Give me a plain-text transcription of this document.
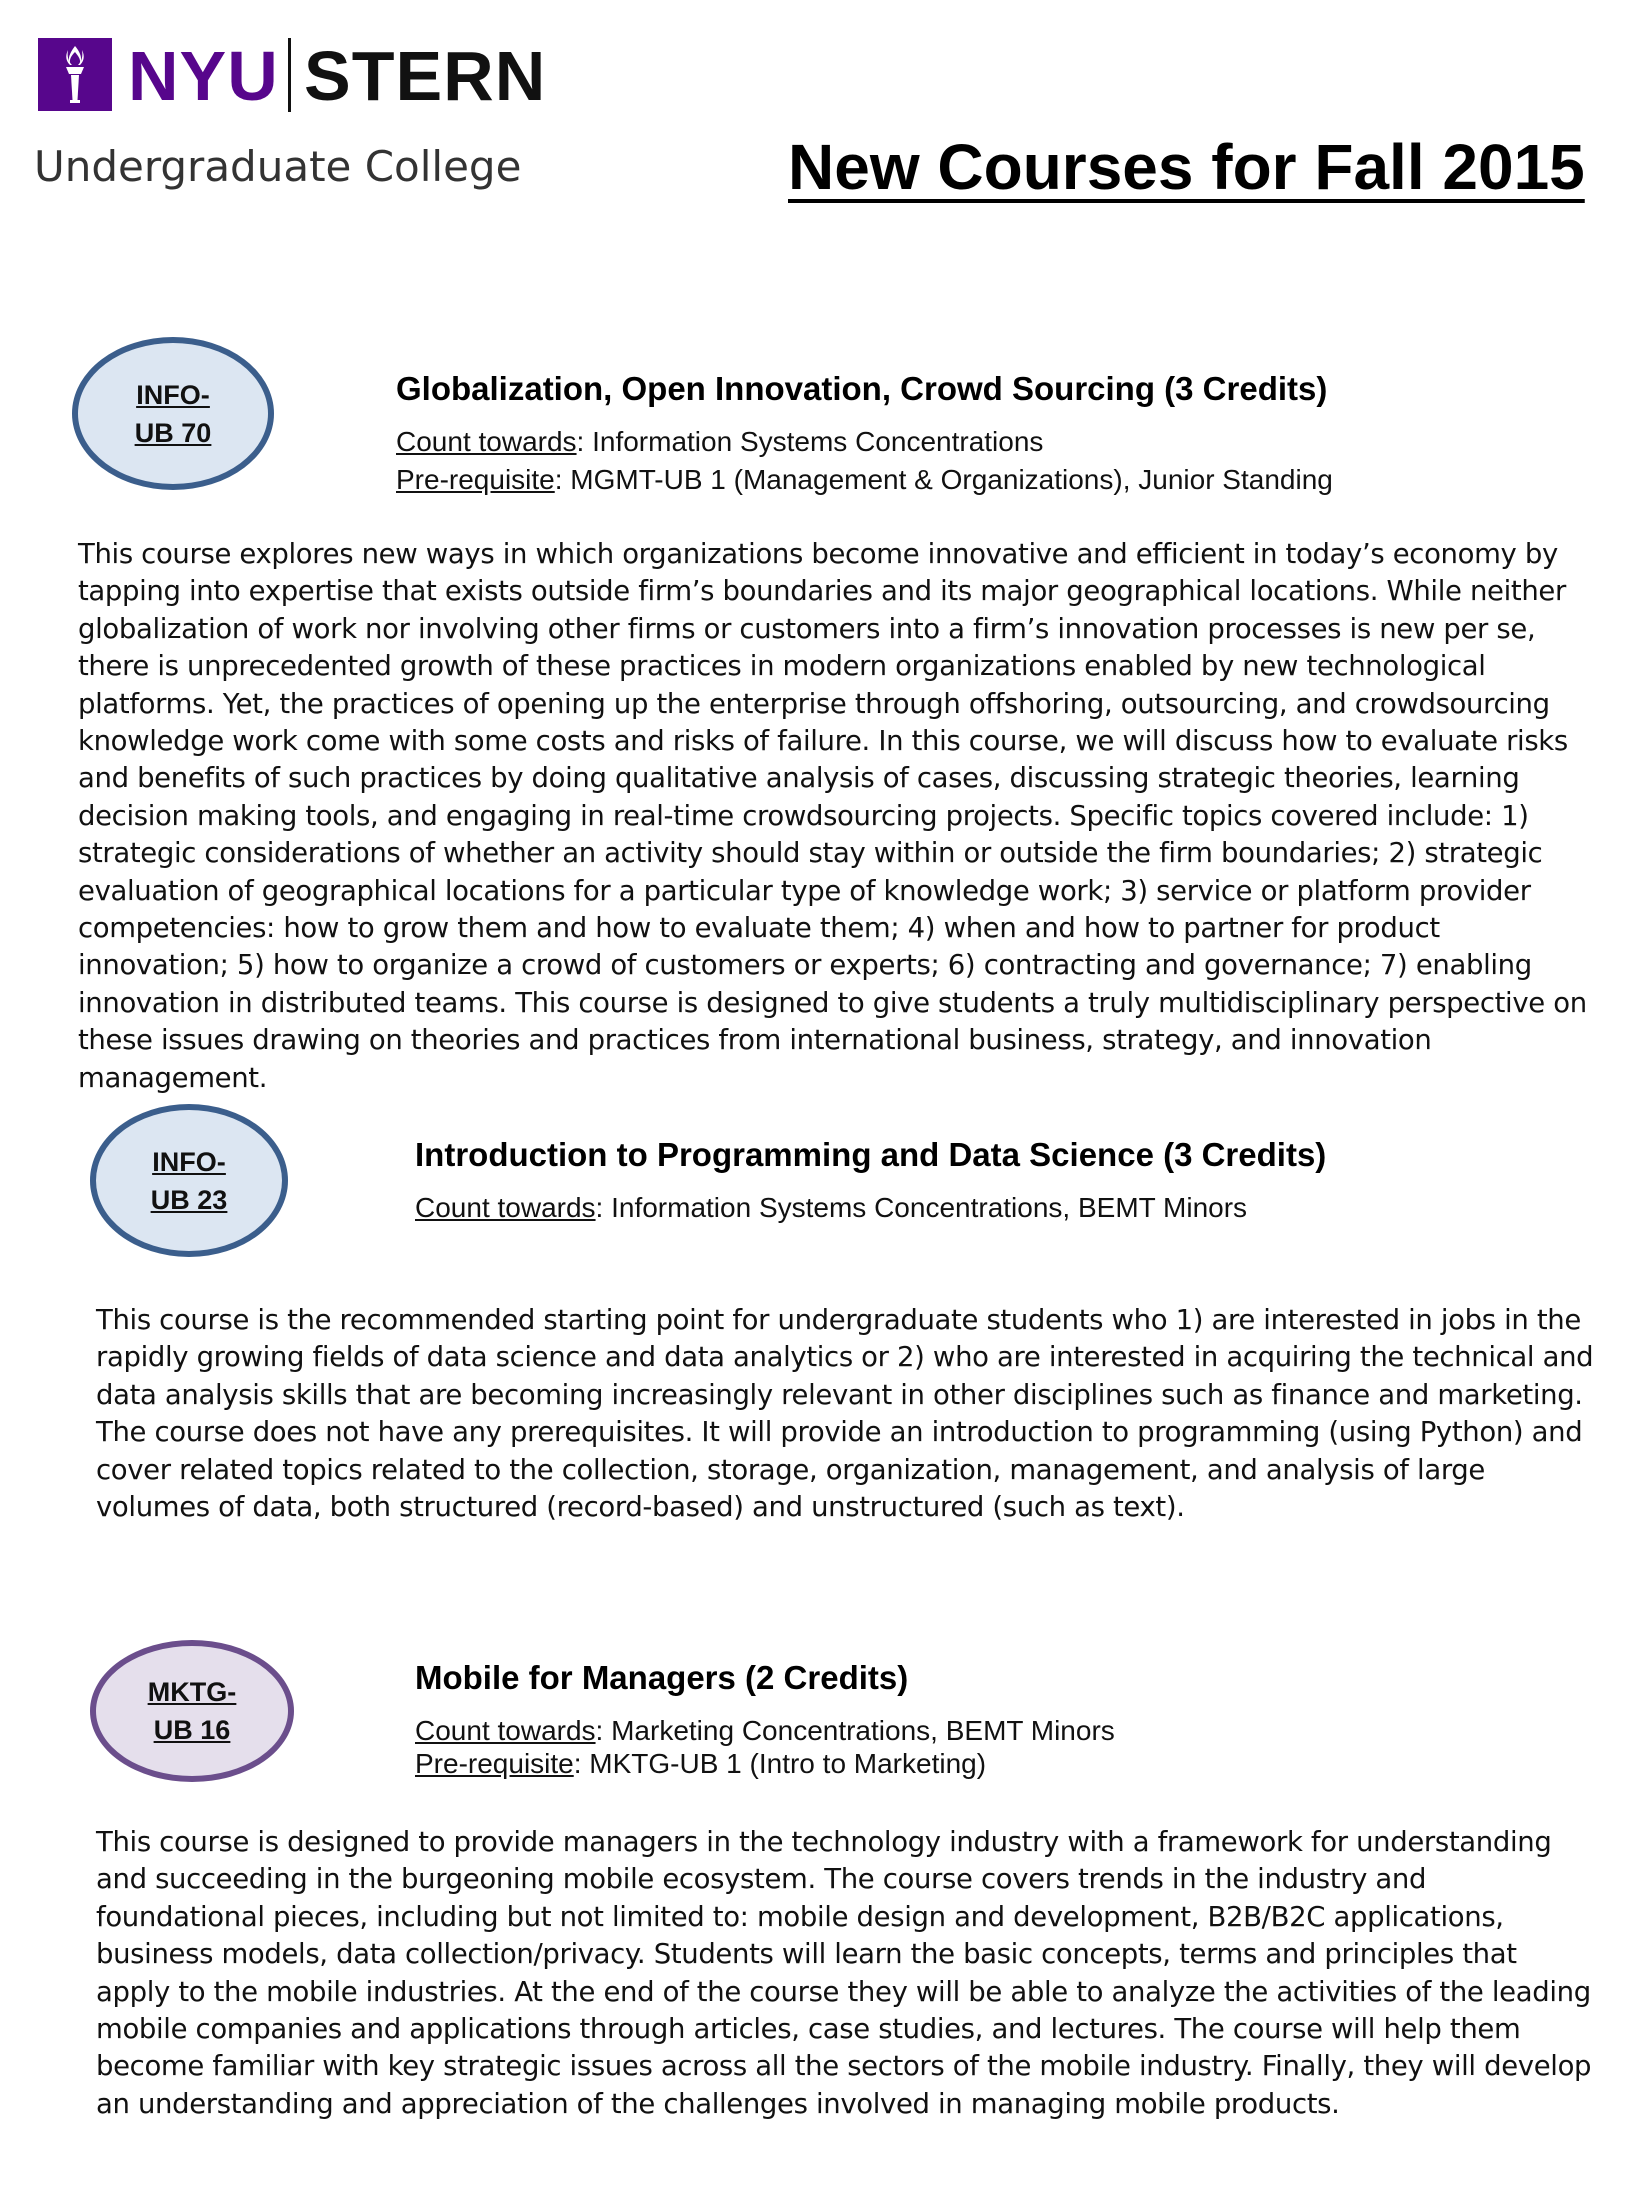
NYU STERN
Undergraduate College	New Courses for Fall 2015
INFO-
UB 70
Globalization, Open Innovation, Crowd Sourcing (3 Credits)
Count towards: Information Systems Concentrations
Pre-requisite: MGMT-UB 1 (Management & Organizations), Junior Standing
This course explores new ways in which organizations become innovative and efficient in today’s economy by tapping into expertise that exists outside firm’s boundaries and its major geographical locations. While neither globalization of work nor involving other firms or customers into a firm’s innovation processes is new per se, there is unprecedented growth of these practices in modern organizations enabled by new technological platforms. Yet, the practices of opening up the enterprise through offshoring, outsourcing, and crowdsourcing knowledge work come with some costs and risks of failure. In this course, we will discuss how to evaluate risks and benefits of such practices by doing qualitative analysis of cases, discussing strategic theories, learning decision making tools, and engaging in real-time crowdsourcing projects. Specific topics covered include: 1) strategic considerations of whether an activity should stay within or outside the firm boundaries; 2) strategic evaluation of geographical locations for a particular type of knowledge work; 3) service or platform provider competencies: how to grow them and how to evaluate them; 4) when and how to partner for product innovation; 5) how to organize a crowd of customers or experts; 6) contracting and governance; 7) enabling innovation in distributed teams. This course is designed to give students a truly multidisciplinary perspective on these issues drawing on theories and practices from international business, strategy, and innovation management.
INFO-
UB 23
Introduction to Programming and Data Science (3 Credits)
Count towards: Information Systems Concentrations, BEMT Minors
This course is the recommended starting point for undergraduate students who 1) are interested in jobs in the rapidly growing fields of data science and data analytics or 2) who are interested in acquiring the technical and data analysis skills that are becoming increasingly relevant in other disciplines such as finance and marketing. The course does not have any prerequisites. It will provide an introduction to programming (using Python) and cover related topics related to the collection, storage, organization, management, and analysis of large volumes of data, both structured (record-based) and unstructured (such as text).
MKTG-
UB 16
Mobile for Managers (2 Credits)
Count towards: Marketing Concentrations, BEMT Minors
Pre-requisite: MKTG-UB 1 (Intro to Marketing)
This course is designed to provide managers in the technology industry with a framework for understanding and succeeding in the burgeoning mobile ecosystem. The course covers trends in the industry and foundational pieces, including but not limited to: mobile design and development, B2B/B2C applications, business models, data collection/privacy. Students will learn the basic concepts, terms and principles that apply to the mobile industries. At the end of the course they will be able to analyze the activities of the leading mobile companies and applications through articles, case studies, and lectures. The course will help them become familiar with key strategic issues across all the sectors of the mobile industry. Finally, they will develop an understanding and appreciation of the challenges involved in managing mobile products.
